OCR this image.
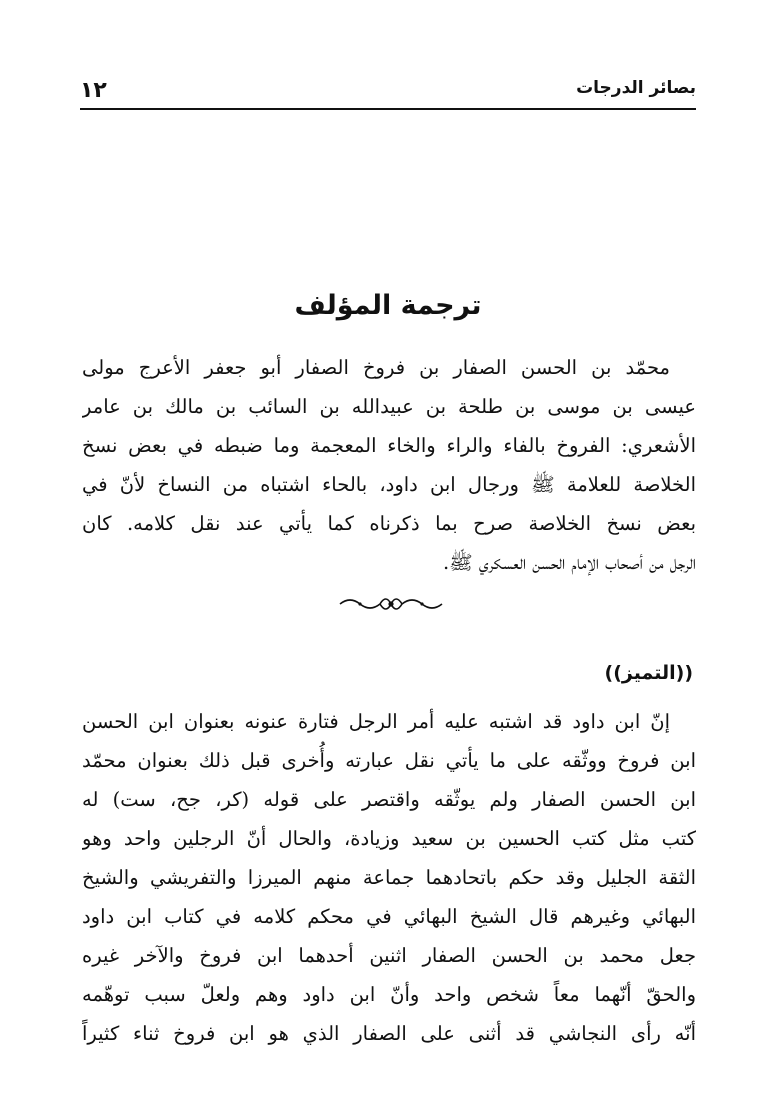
١٢	بصائر الدرجات
ترجمة المؤلف
محمّد بن الحسن الصفار بن فروخ الصفار أبو جعفر الأعرج مولى
عيسى بن موسى بن طلحة بن عبيدالله بن السائب بن مالك بن عامر
الأشعري: الفروخ بالفاء والراء والخاء المعجمة وما ضبطه في بعض نسخ
الخلاصة للعلامة ﷺ ورجال ابن داود، بالحاء اشتباه من النساخ لأنّ في
بعض نسخ الخلاصة صرح بما ذكرناه كما يأتي عند نقل كلامه. كان
الرجل من أصحاب الإمام الحسن العسكري ﷺ.
((التميز))
إنّ ابن داود قد اشتبه عليه أمر الرجل فتارة عنونه بعنوان ابن الحسن
ابن فروخ ووثّقه على ما يأتي نقل عبارته وأُخرى قبل ذلك بعنوان محمّد
ابن الحسن الصفار ولم يوثّقه واقتصر على قوله (كر، جح، ست) له
كتب مثل كتب الحسين بن سعيد وزيادة، والحال أنّ الرجلين واحد وهو
الثقة الجليل وقد حكم باتحادهما جماعة منهم الميرزا والتفريشي والشيخ
البهائي وغيرهم قال الشيخ البهائي في محكم كلامه في كتاب ابن داود
جعل محمد بن الحسن الصفار اثنين أحدهما ابن فروخ والآخر غيره
والحقّ أنّهما معاً شخص واحد وأنّ ابن داود وهم ولعلّ سبب توهّمه
أنّه رأى النجاشي قد أثنى على الصفار الذي هو ابن فروخ ثناء كثيراً
